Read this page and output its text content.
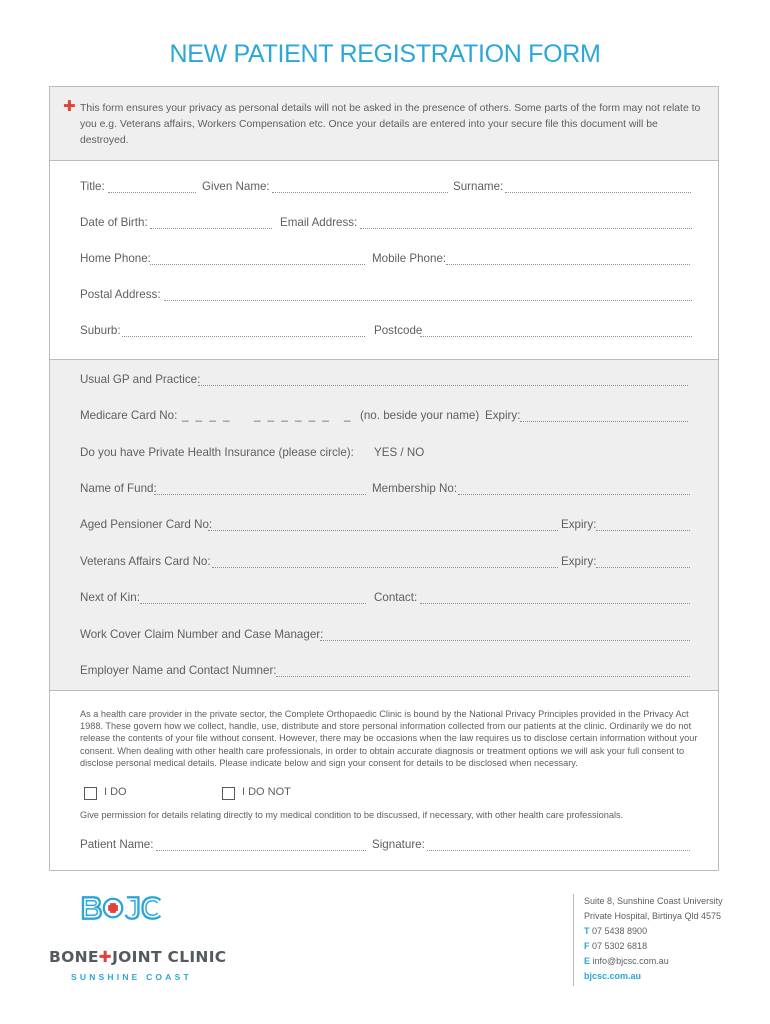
NEW PATIENT REGISTRATION FORM
✚ This form ensures your privacy as personal details will not be asked in the presence of others. Some parts of the form may not relate to you e.g. Veterans affairs, Workers Compensation etc. Once your details are entered into your secure file this document will be destroyed.
Title:	Given Name:	Surname:
Date of Birth:	Email Address:
Home Phone:	Mobile Phone:
Postal Address:
Suburb:	Postcode
Usual GP and Practice:
Medicare Card No: _ _ _ _ _ _ _ _ _ _ _ (no. beside your name) Expiry:
Do you have Private Health Insurance (please circle): YES / NO
Name of Fund:	Membership No:
Aged Pensioner Card No:	Expiry:
Veterans Affairs Card No:	Expiry:
Next of Kin:	Contact:
Work Cover Claim Number and Case Manager:
Employer Name and Contact Numner:
As a health care provider in the private sector, the Complete Orthopaedic Clinic is bound by the National Privacy Principles provided in the Privacy Act 1988. These govern how we collect, handle, use, distribute and store personal information collected from our patients at the clinic. Ordinarily we do not release the contents of your file without consent. However, there may be occasions when the law requires us to disclose certain information without your consent. When dealing with other health care professionals, in order to obtain accurate diagnosis or treatment options we will ask your full consent to disclose personal medical details. Please indicate below and sign your consent for details to be disclosed when necessary.
I DO	I DO NOT
Give permission for details relating directly to my medical condition to be discussed, if necessary, with other health care professionals.
Patient Name:	Signature:
BONE✚JOINT CLINIC
SUNSHINE COAST
Suite 8, Sunshine Coast University
Private Hospital, Birtinya Qld 4575
T 07 5438 8900
F 07 5302 6818
E info@bjcsc.com.au
bjcsc.com.au
